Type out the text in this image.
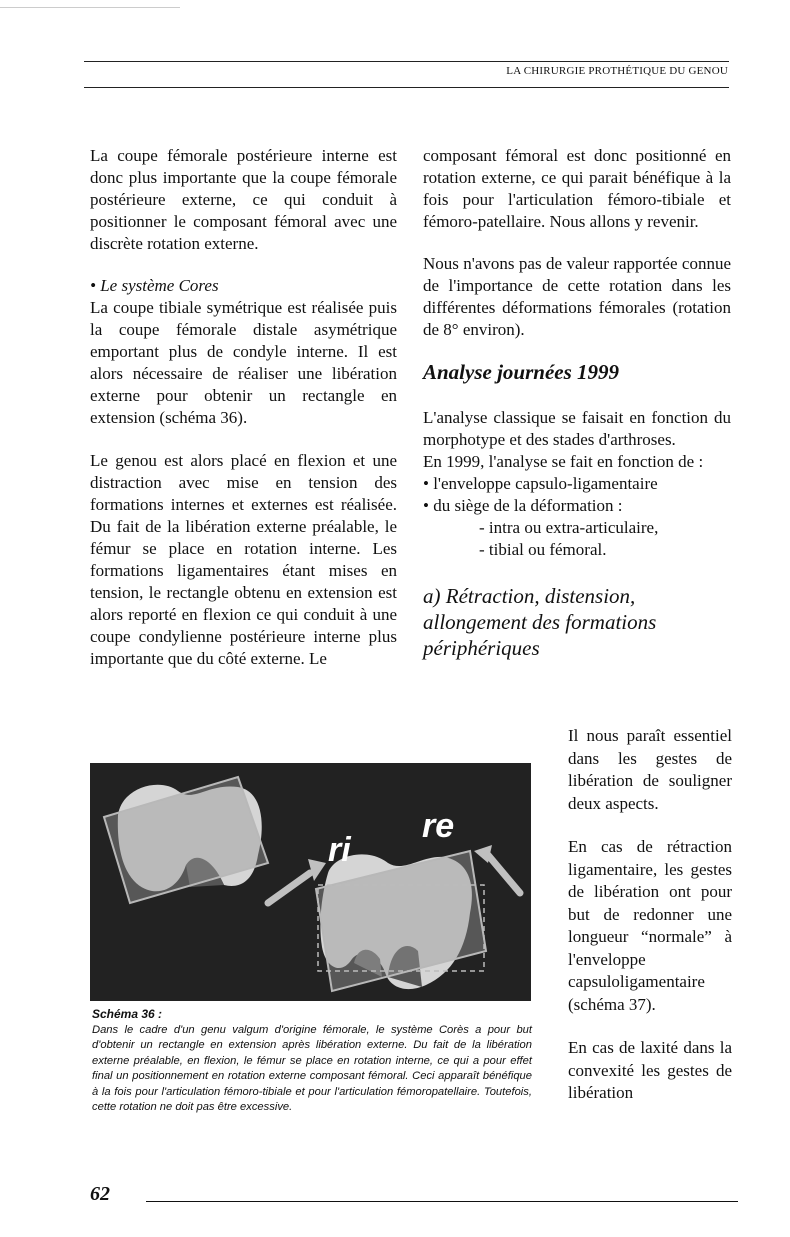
LA CHIRURGIE PROTHÉTIQUE DU GENOU

La coupe fémorale postérieure interne est donc plus importante que la coupe fémorale postérieure externe, ce qui conduit à positionner le composant fémoral avec une discrète rotation externe.

• Le système Cores

La coupe tibiale symétrique est réalisée puis la coupe fémorale distale asymétrique emportant plus de condyle interne. Il est alors nécessaire de réaliser une libération externe pour obtenir un rectangle en extension (schéma 36).

Le genou est alors placé en flexion et une distraction avec mise en tension des formations internes et externes est réalisée. Du fait de la libération externe préalable, le fémur se place en rotation interne. Les formations ligamentaires étant mises en tension, le rectangle obtenu en extension est alors reporté en flexion ce qui conduit à une coupe condylienne postérieure interne plus importante que du côté externe. Le

composant fémoral est donc positionné en rotation externe, ce qui parait bénéfique à la fois pour l'articulation fémoro-tibiale et fémoro-patellaire. Nous allons y revenir.

Nous n'avons pas de valeur rapportée connue de l'importance de cette rotation dans les différentes déformations fémorales (rotation de 8° environ).

Analyse journées 1999

L'analyse classique se faisait en fonction du morphotype et des stades d'arthroses.

En 1999, l'analyse se fait en fonction de :

• l'enveloppe capsulo-ligamentaire

• du siège de la déformation :

- intra ou extra-articulaire,

- tibial ou fémoral.

a) Rétraction, distension, allongement des formations périphériques

Il nous paraît essentiel dans les gestes de libération de souligner deux aspects.

En cas de rétraction ligamentaire, les gestes de libération ont pour but de redonner une longueur “normale” à l'enveloppe capsuloligamentaire (schéma 37).

En cas de laxité dans la convexité les gestes de libération

ri
re
Schéma 36 :
Dans le cadre d'un genu valgum d'origine fémorale, le système Corès a pour but d'obtenir un rectangle en extension après libération externe. Du fait de la libération externe préalable, en flexion, le fémur se place en rotation interne, ce qui a pour effet final un positionnement en rotation externe composant fémoral. Ceci apparaît bénéfique à la fois pour l'articulation fémoro-tibiale et pour l'articulation fémoropatellaire. Toutefois, cette rotation ne doit pas être excessive.
62
